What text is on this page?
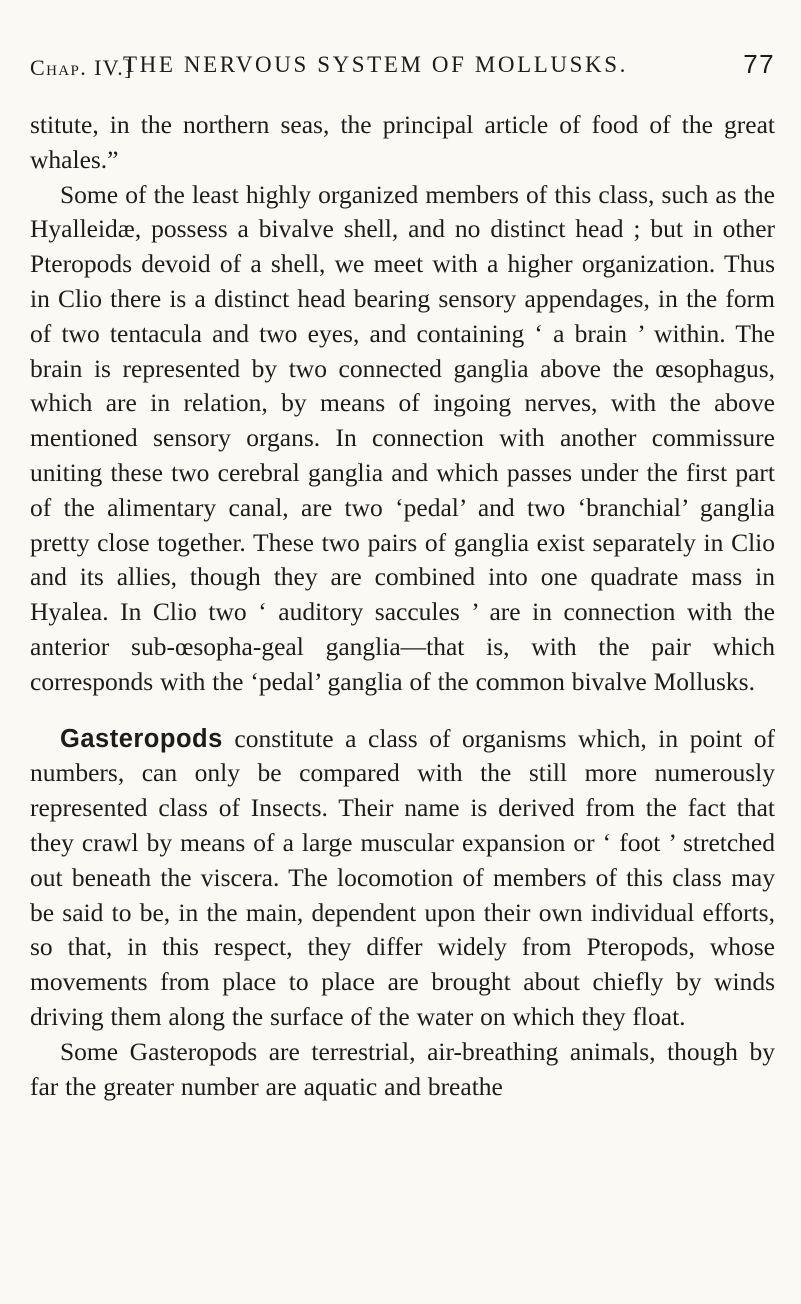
Chap. IV.]
THE NERVOUS SYSTEM OF MOLLUSKS.	77

stitute, in the northern seas, the principal article of food of the great whales.”

Some of the least highly organized members of this class, such as the Hyalleidæ, possess a bivalve shell, and no distinct head ; but in other Pteropods devoid of a shell, we meet with a higher organization. Thus in Clio there is a distinct head bearing sensory appendages, in the form of two tentacula and two eyes, and containing ‘ a brain ’ within. The brain is represented by two connected ganglia above the œsophagus, which are in relation, by means of ingoing nerves, with the above mentioned sensory organs. In connection with another commissure uniting these two cerebral ganglia and which passes under the first part of the alimentary canal, are two ‘pedal’ and two ‘branchial’ ganglia pretty close together. These two pairs of ganglia exist separately in Clio and its allies, though they are combined into one quadrate mass in Hyalea. In Clio two ‘ auditory saccules ’ are in connection with the anterior sub-œsopha-geal ganglia—that is, with the pair which corresponds with the ‘pedal’ ganglia of the common bivalve Mollusks.

Gasteropods constitute a class of organisms which, in point of numbers, can only be compared with the still more numerously represented class of Insects. Their name is derived from the fact that they crawl by means of a large muscular expansion or ‘ foot ’ stretched out beneath the viscera. The locomotion of members of this class may be said to be, in the main, dependent upon their own individual efforts, so that, in this respect, they differ widely from Pteropods, whose movements from place to place are brought about chiefly by winds driving them along the surface of the water on which they float.

Some Gasteropods are terrestrial, air-breathing animals, though by far the greater number are aquatic and breathe
